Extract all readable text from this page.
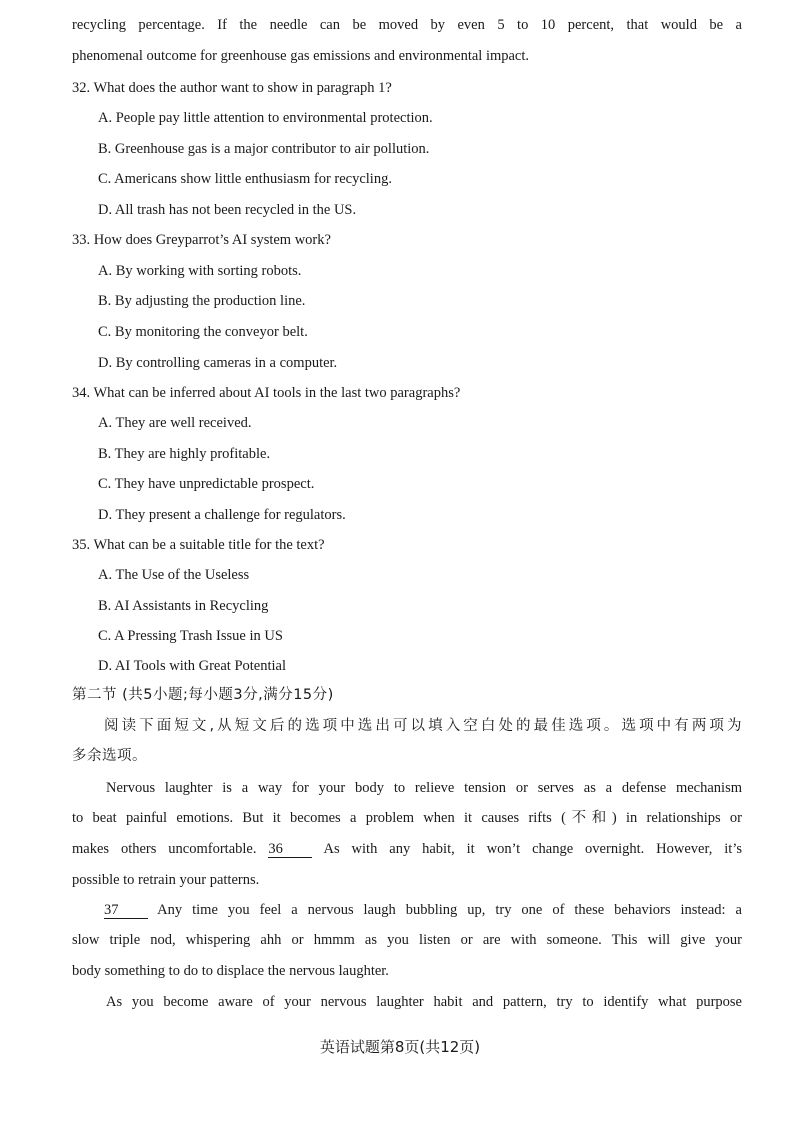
recycling percentage. If the needle can be moved by even 5 to 10 percent, that would be a
phenomenal outcome for greenhouse gas emissions and environmental impact.
32. What does the author want to show in paragraph 1?
A. People pay little attention to environmental protection.
B. Greenhouse gas is a major contributor to air pollution.
C. Americans show little enthusiasm for recycling.
D. All trash has not been recycled in the US.
33. How does Greyparrot’s AI system work?
A. By working with sorting robots.
B. By adjusting the production line.
C. By monitoring the conveyor belt.
D. By controlling cameras in a computer.
34. What can be inferred about AI tools in the last two paragraphs?
A. They are well received.
B. They are highly profitable.
C. They have unpredictable prospect.
D. They present a challenge for regulators.
35. What can be a suitable title for the text?
A. The Use of the Useless
B. AI Assistants in Recycling
C. A Pressing Trash Issue in US
D. AI Tools with Great Potential
第二节 (共5小题;每小题3分,满分15分)
阅读下面短文,从短文后的选项中选出可以填入空白处的最佳选项。选项中有两项为
多余选项。
Nervous laughter is a way for your body to relieve tension or serves as a defense mechanism
to beat painful emotions. But it becomes a problem when it causes rifts (不和) in relationships or
makes others uncomfortable. 36	As with any habit, it won’t change overnight. However, it’s
possible to retrain your patterns.
37	Any time you feel a nervous laugh bubbling up, try one of these behaviors instead: a
slow triple nod, whispering ahh or hmmm as you listen or are with someone. This will give your
body something to do to displace the nervous laughter.
As you become aware of your nervous laughter habit and pattern, try to identify what purpose
英语试题第8页(共12页)
